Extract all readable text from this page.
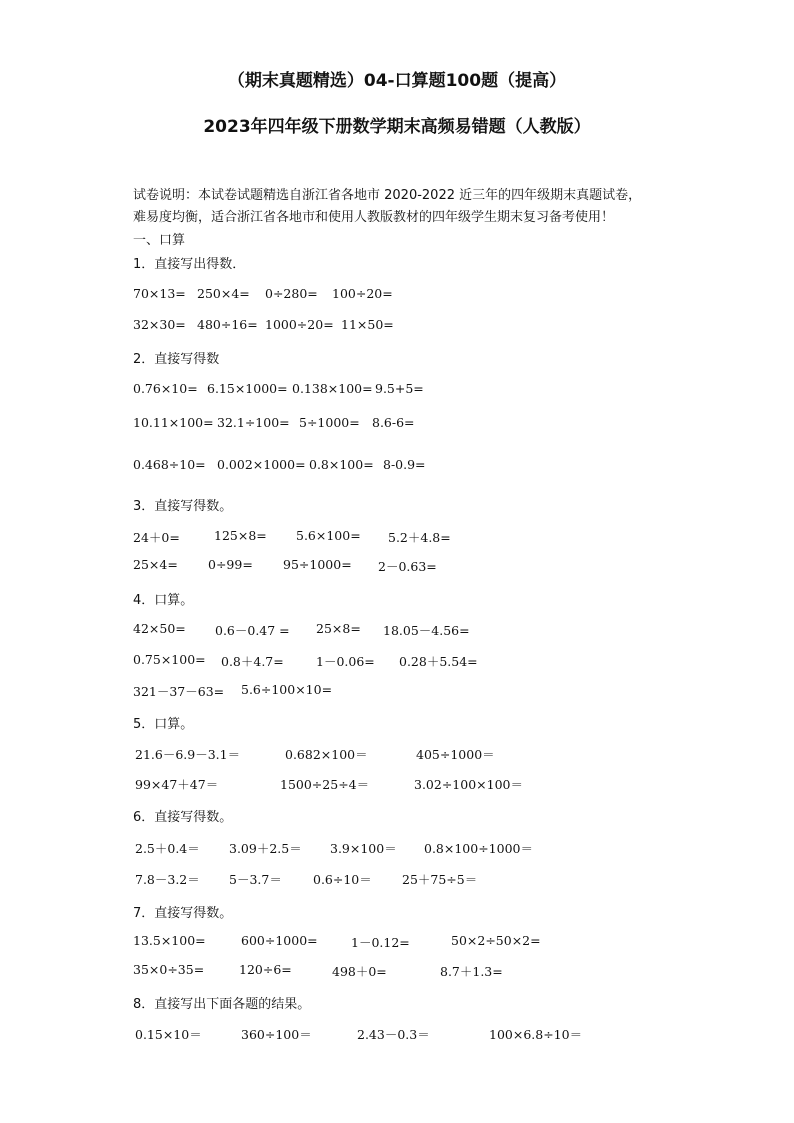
（期末真题精选）04-口算题100题（提高）
2023年四年级下册数学期末高频易错题（人教版）
试卷说明：本试卷试题精选自浙江省各地市 2020-2022 近三年的四年级期末真题试卷，
难易度均衡，适合浙江省各地市和使用人教版教材的四年级学生期末复习备考使用！
一、口算
1．直接写出得数．
70×13= 250×4= 0÷280= 100÷20=
32×30= 480÷16= 1000÷20= 11×50=
2．直接写得数
0.76×10= 6.15×1000= 0.138×100= 9.5+5=
10.11×100= 32.1÷100= 5÷1000= 8.6-6=
0.468÷10= 0.002×1000= 0.8×100= 8-0.9=
3．直接写得数。
24＋0=	125×8= 5.6×100= 5.2＋4.8=
25×4= 0÷99= 95÷1000= 2－0.63=
4．口算。
42×50= 0.6－0.47 = 25×8= 18.05－4.56=
0.75×100= 0.8＋4.7=	1－0.06= 0.28＋5.54=
321－37－63= 5.6÷100×10=
5．口算。
21.6－6.9－3.1＝	0.682×100＝	405÷1000＝
99×47＋47＝	1500÷25÷4＝	3.02÷100×100＝
6．直接写得数。
2.5＋0.4＝ 3.09＋2.5＝ 3.9×100＝ 0.8×100÷1000＝
7.8－3.2＝ 5－3.7＝ 0.6÷10＝ 25＋75÷5＝
7．直接写得数。
13.5×100=	600÷1000=	1－0.12=	50×2÷50×2=
35×0÷35=	120÷6=	498＋0=	8.7＋1.3=
8．直接写出下面各题的结果。
0.15×10＝	360÷100＝	2.43－0.3＝	100×6.8÷10＝
